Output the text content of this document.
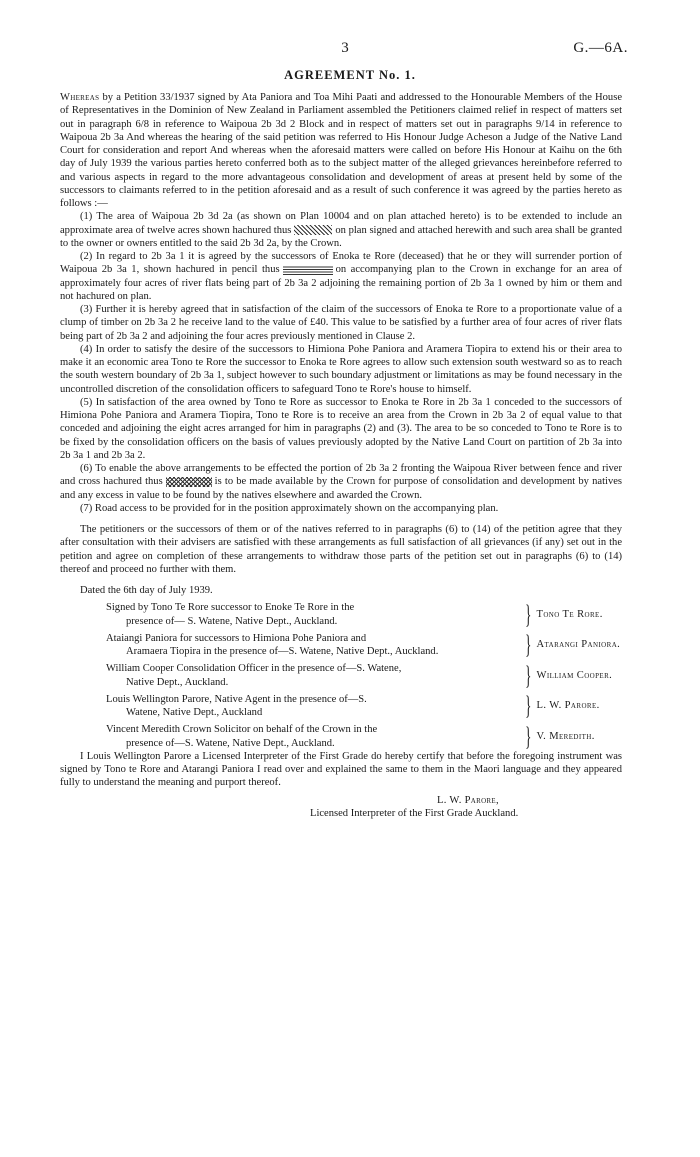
3	G.—6A.
AGREEMENT No. 1.

Whereas by a Petition 33/1937 signed by Ata Paniora and Toa Mihi Paati and addressed to the Honourable Members of the House of Representatives in the Dominion of New Zealand in Parliament assembled the Petitioners claimed relief in respect of matters set out in paragraph 6/8 in reference to Waipoua 2b 3d 2 Block and in respect of matters set out in paragraphs 9/14 in reference to Waipoua 2b 3a And whereas the hearing of the said petition was referred to His Honour Judge Acheson a Judge of the Native Land Court for consideration and report And whereas when the aforesaid matters were called on before His Honour at Kaihu on the 6th day of July 1939 the various parties hereto conferred both as to the subject matter of the alleged grievances hereinbefore referred to and various aspects in regard to the more advantageous consolidation and development of areas at present held by some of the successors to claimants referred to in the petition aforesaid and as a result of such conference it was agreed by the parties hereto as follows :—

(1) The area of Waipoua 2b 3d 2a (as shown on Plan 10004 and on plan attached hereto) is to be extended to include an approximate area of twelve acres shown hachured thus	on plan signed and attached herewith and such area shall be granted to the owner or owners entitled to the said 2b 3d 2a, by the Crown.

(2) In regard to 2b 3a 1 it is agreed by the successors of Enoka te Rore (deceased) that he or they will surrender portion of Waipoua 2b 3a 1, shown hachured in pencil thus	on accompanying plan to the Crown in exchange for an area of approximately four acres of river flats being part of 2b 3a 2 adjoining the remaining portion of 2b 3a 1 owned by him or them and not hachured on plan.

(3) Further it is hereby agreed that in satisfaction of the claim of the successors of Enoka te Rore to a proportionate value of a clump of timber on 2b 3a 2 he receive land to the value of £40. This value to be satisfied by a further area of four acres of river flats being part of 2b 3a 2 and adjoining the four acres previously mentioned in Clause 2.

(4) In order to satisfy the desire of the successors to Himiona Pohe Paniora and Aramera Tiopira to extend his or their area to make it an economic area Tono te Rore the successor to Enoka te Rore agrees to allow such extension south westward so as to reach the south western boundary of 2b 3a 1, subject however to such boundary adjustment or limitations as may be found necessary in the uncontrolled discretion of the consolidation officers to safeguard Tono te Rore's house to himself.

(5) In satisfaction of the area owned by Tono te Rore as successor to Enoka te Rore in 2b 3a 1 conceded to the successors of Himiona Pohe Paniora and Aramera Tiopira, Tono te Rore is to receive an area from the Crown in 2b 3a 2 of equal value to that conceded and adjoining the eight acres arranged for him in paragraphs (2) and (3). The area to be so conceded to Tono te Rore is to be fixed by the consolidation officers on the basis of values previously adopted by the Native Land Court on partition of 2b 3a into 2b 3a 1 and 2b 3a 2.

(6) To enable the above arrangements to be effected the portion of 2b 3a 2 fronting the Waipoua River between fence and river and cross hachured thus	is to be made available by the Crown for purpose of consolidation and development by natives and any excess in value to be found by the natives elsewhere and awarded the Crown.

(7) Road access to be provided for in the position approximately shown on the accompanying plan.

The petitioners or the successors of them or of the natives referred to in paragraphs (6) to (14) of the petition agree that they after consultation with their advisers are satisfied with these arrangements as full satisfaction of all grievances (if any) set out in the petition and agree on completion of these arrangements to withdraw those parts of the petition set out in paragraphs (6) to (14) thereof and proceed no further with them.

Dated the 6th day of July 1939.
Signed by Tono Te Rore successor to Enoke Te Rore in the
presence of— S. Watene, Native Dept., Auckland.	} Tono Te Rore.
Ataiangi Paniora for successors to Himiona Pohe Paniora and
Aramaera Tiopira in the presence of—S. Watene, Native Dept., Auckland.	} Atarangi Paniora.
William Cooper Consolidation Officer in the presence of—S. Watene,
Native Dept., Auckland.	} William Cooper.
Louis Wellington Parore, Native Agent in the presence of—S.
Watene, Native Dept., Auckland	} L. W. Parore.
Vincent Meredith Crown Solicitor on behalf of the Crown in the
presence of—S. Watene, Native Dept., Auckland.	} V. Meredith.

I Louis Wellington Parore a Licensed Interpreter of the First Grade do hereby certify that before the foregoing instrument was signed by Tono te Rore and Atarangi Paniora I read over and explained the same to them in the Maori language and they appeared fully to understand the meaning and purport thereof.

L. W. Parore,
Licensed Interpreter of the First Grade Auckland.
